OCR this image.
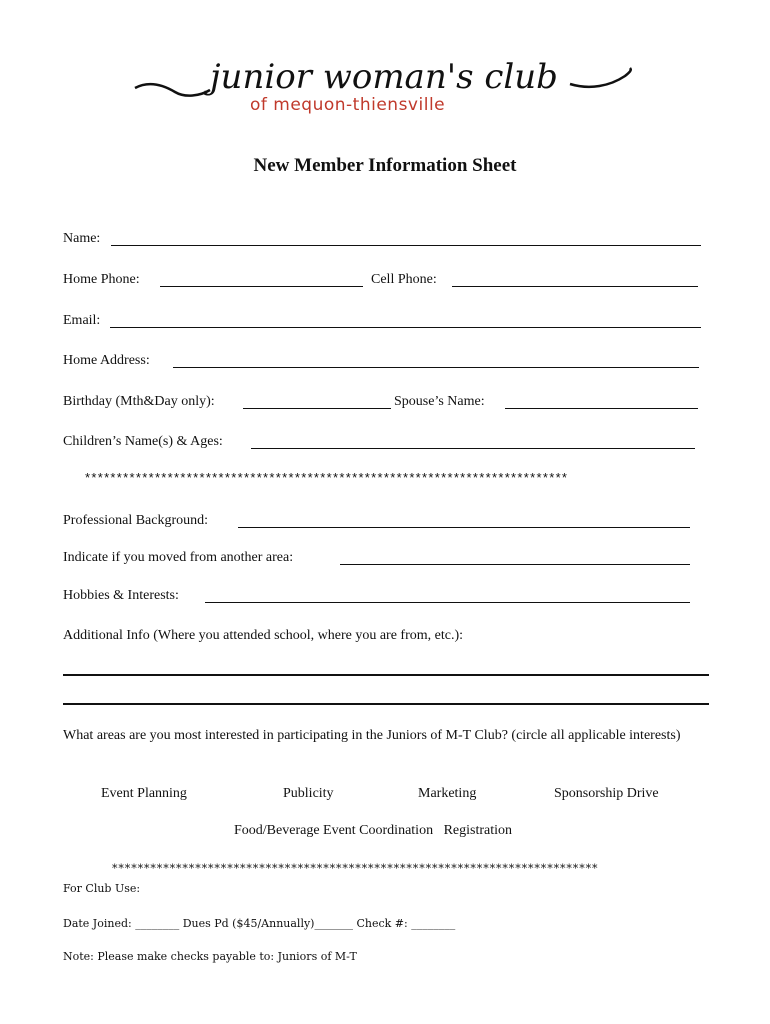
junior woman's club
of mequon-thiensville
New Member Information Sheet
Name:
Home Phone:	Cell Phone:
Email:
Home Address:
Birthday (Mth&Day only):	Spouse’s Name:
Children’s Name(s) & Ages:
****************************************************************************
Professional Background:
Indicate if you moved from another area:
Hobbies & Interests:
Additional Info (Where you attended school, where you are from, etc.):
What areas are you most interested in participating in the Juniors of M-T Club? (circle all applicable interests)
Event Planning	Publicity	Marketing	Sponsorship Drive
Food/Beverage Event Coordination   Registration
****************************************************************************
For Club Use:
Date Joined: ________ Dues Pd ($45/Annually)_______ Check #: ________
Note: Please make checks payable to: Juniors of M-T
